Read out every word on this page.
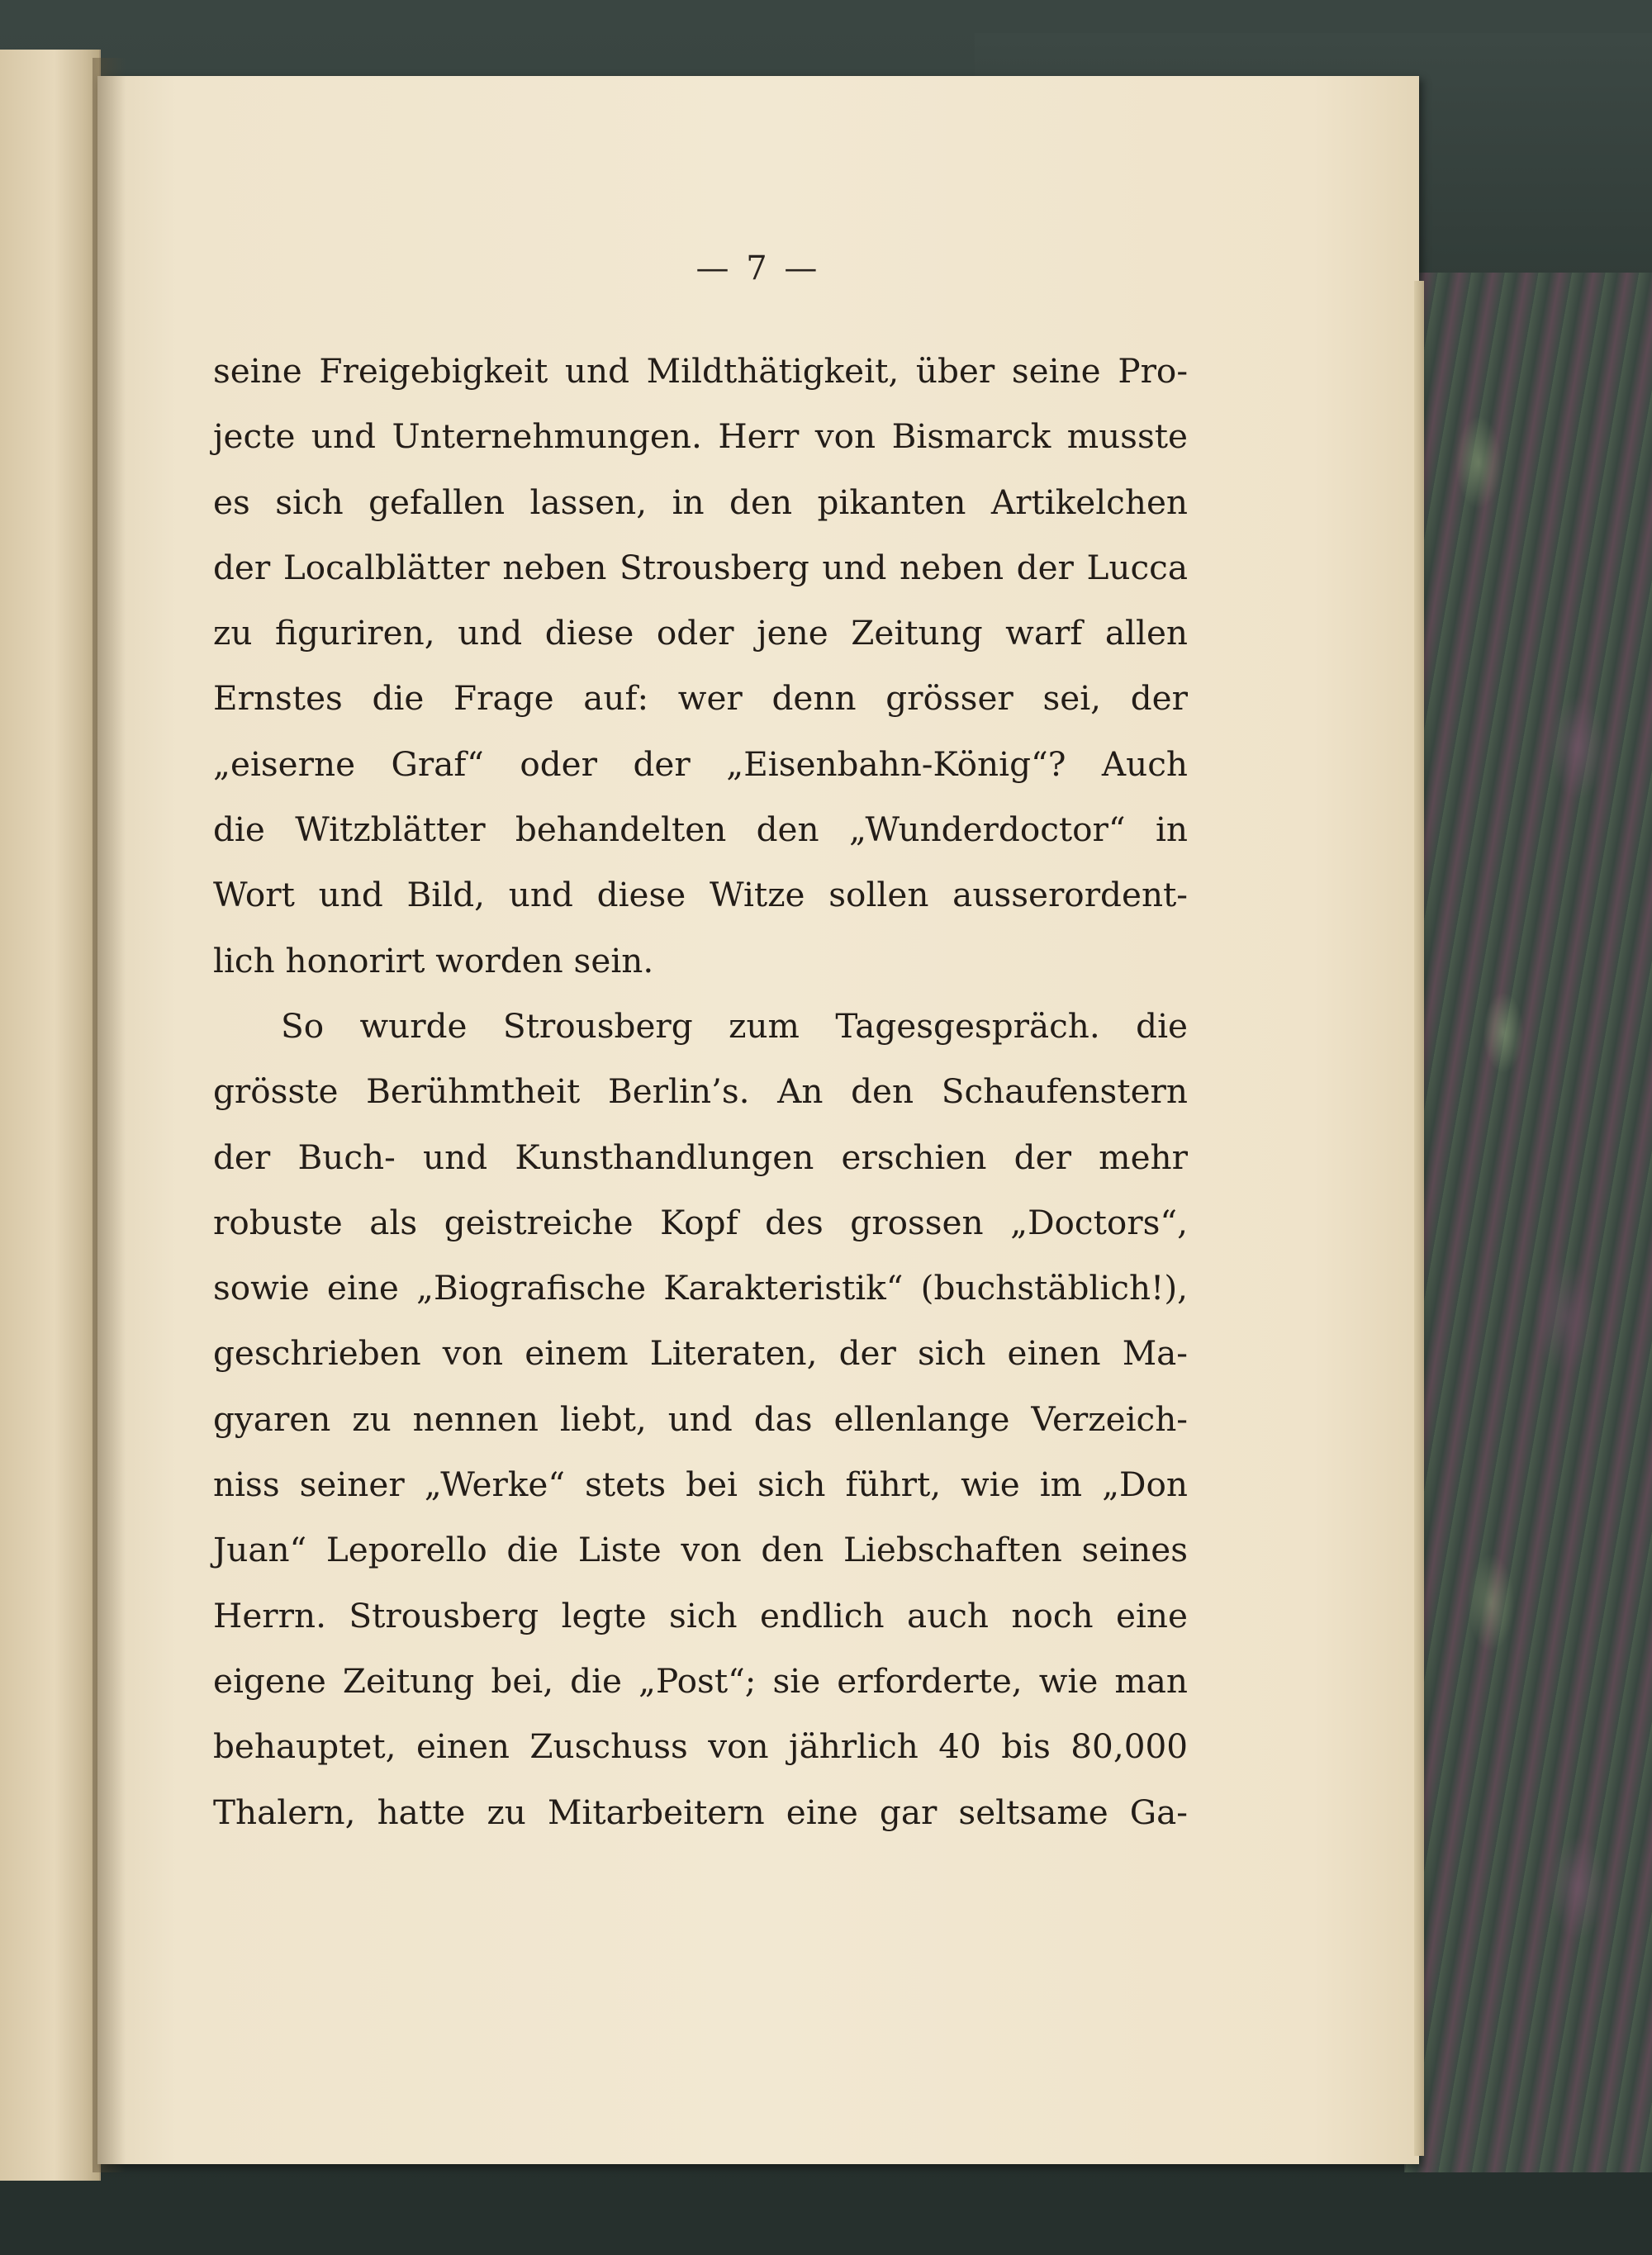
— 7 —
seine Freigebigkeit und Mildthätigkeit, über seine Pro-
jecte und Unternehmungen. Herr von Bismarck musste
es sich gefallen lassen, in den pikanten Artikelchen
der Localblätter neben Strousberg und neben der Lucca
zu figuriren, und diese oder jene Zeitung warf allen
Ernstes die Frage auf: wer denn grösser sei, der
„eiserne Graf“ oder der „Eisenbahn-König“? Auch
die Witzblätter behandelten den „Wunderdoctor“ in
Wort und Bild, und diese Witze sollen ausserordent-
lich honorirt worden sein.
So wurde Strousberg zum Tagesgespräch. die
grösste Berühmtheit Berlin’s. An den Schaufenstern
der Buch- und Kunsthandlungen erschien der mehr
robuste als geistreiche Kopf des grossen „Doctors“,
sowie eine „Biografische Karakteristik“ (buchstäblich!),
geschrieben von einem Literaten, der sich einen Ma-
gyaren zu nennen liebt, und das ellenlange Verzeich-
niss seiner „Werke“ stets bei sich führt, wie im „Don
Juan“ Leporello die Liste von den Liebschaften seines
Herrn. Strousberg legte sich endlich auch noch eine
eigene Zeitung bei, die „Post“; sie erforderte, wie man
behauptet, einen Zuschuss von jährlich 40 bis 80,000
Thalern, hatte zu Mitarbeitern eine gar seltsame Ga-
